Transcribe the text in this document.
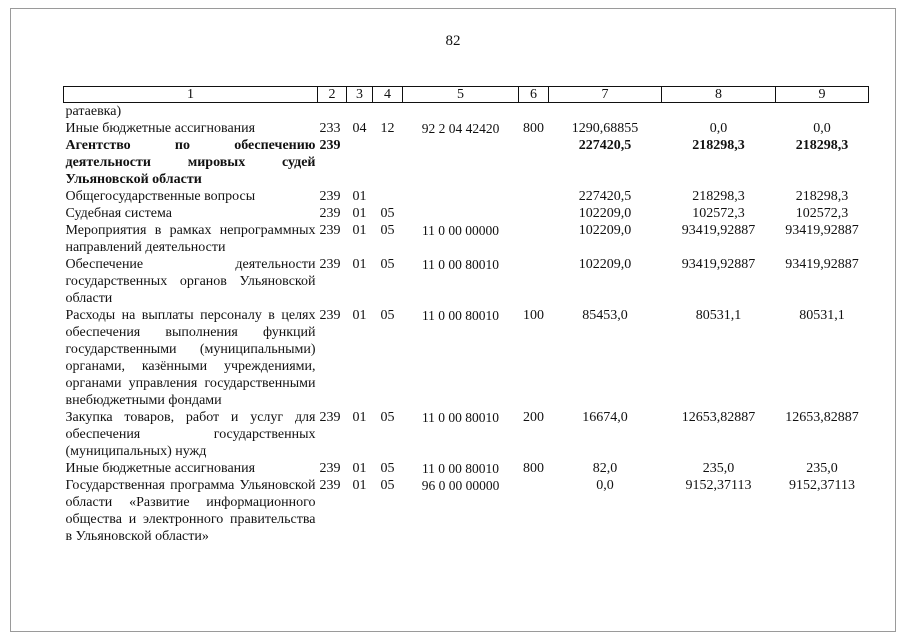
82
1	2	3	4	5	6	7	8	9
ратаевка)								
Иные бюджетные ассигнования	233	04	12	92 2 04 42420	800	1290,68855	0,0	0,0
Агентство по обеспечению деятельности мировых судей Ульяновской области	239					227420,5	218298,3	218298,3
Общегосударственные вопросы	239	01				227420,5	218298,3	218298,3
Судебная система	239	01	05			102209,0	102572,3	102572,3
Мероприятия в рамках непрограммных направлений деятельности	239	01	05	11 0 00 00000		102209,0	93419,92887	93419,92887
Обеспечение деятельности государственных органов Ульяновской области	239	01	05	11 0 00 80010		102209,0	93419,92887	93419,92887
Расходы на выплаты персоналу в целях обеспечения выполнения функций государственными (муниципальными) органами, казёнными учреждениями, органами управления государственными внебюджетными фондами	239	01	05	11 0 00 80010	100	85453,0	80531,1	80531,1
Закупка товаров, работ и услуг для обеспечения государственных (муниципальных) нужд	239	01	05	11 0 00 80010	200	16674,0	12653,82887	12653,82887
Иные бюджетные ассигнования	239	01	05	11 0 00 80010	800	82,0	235,0	235,0
Государственная программа Ульяновской области «Развитие информационного общества и электронного правительства в Ульяновской области»	239	01	05	96 0 00 00000		0,0	9152,37113	9152,37113
